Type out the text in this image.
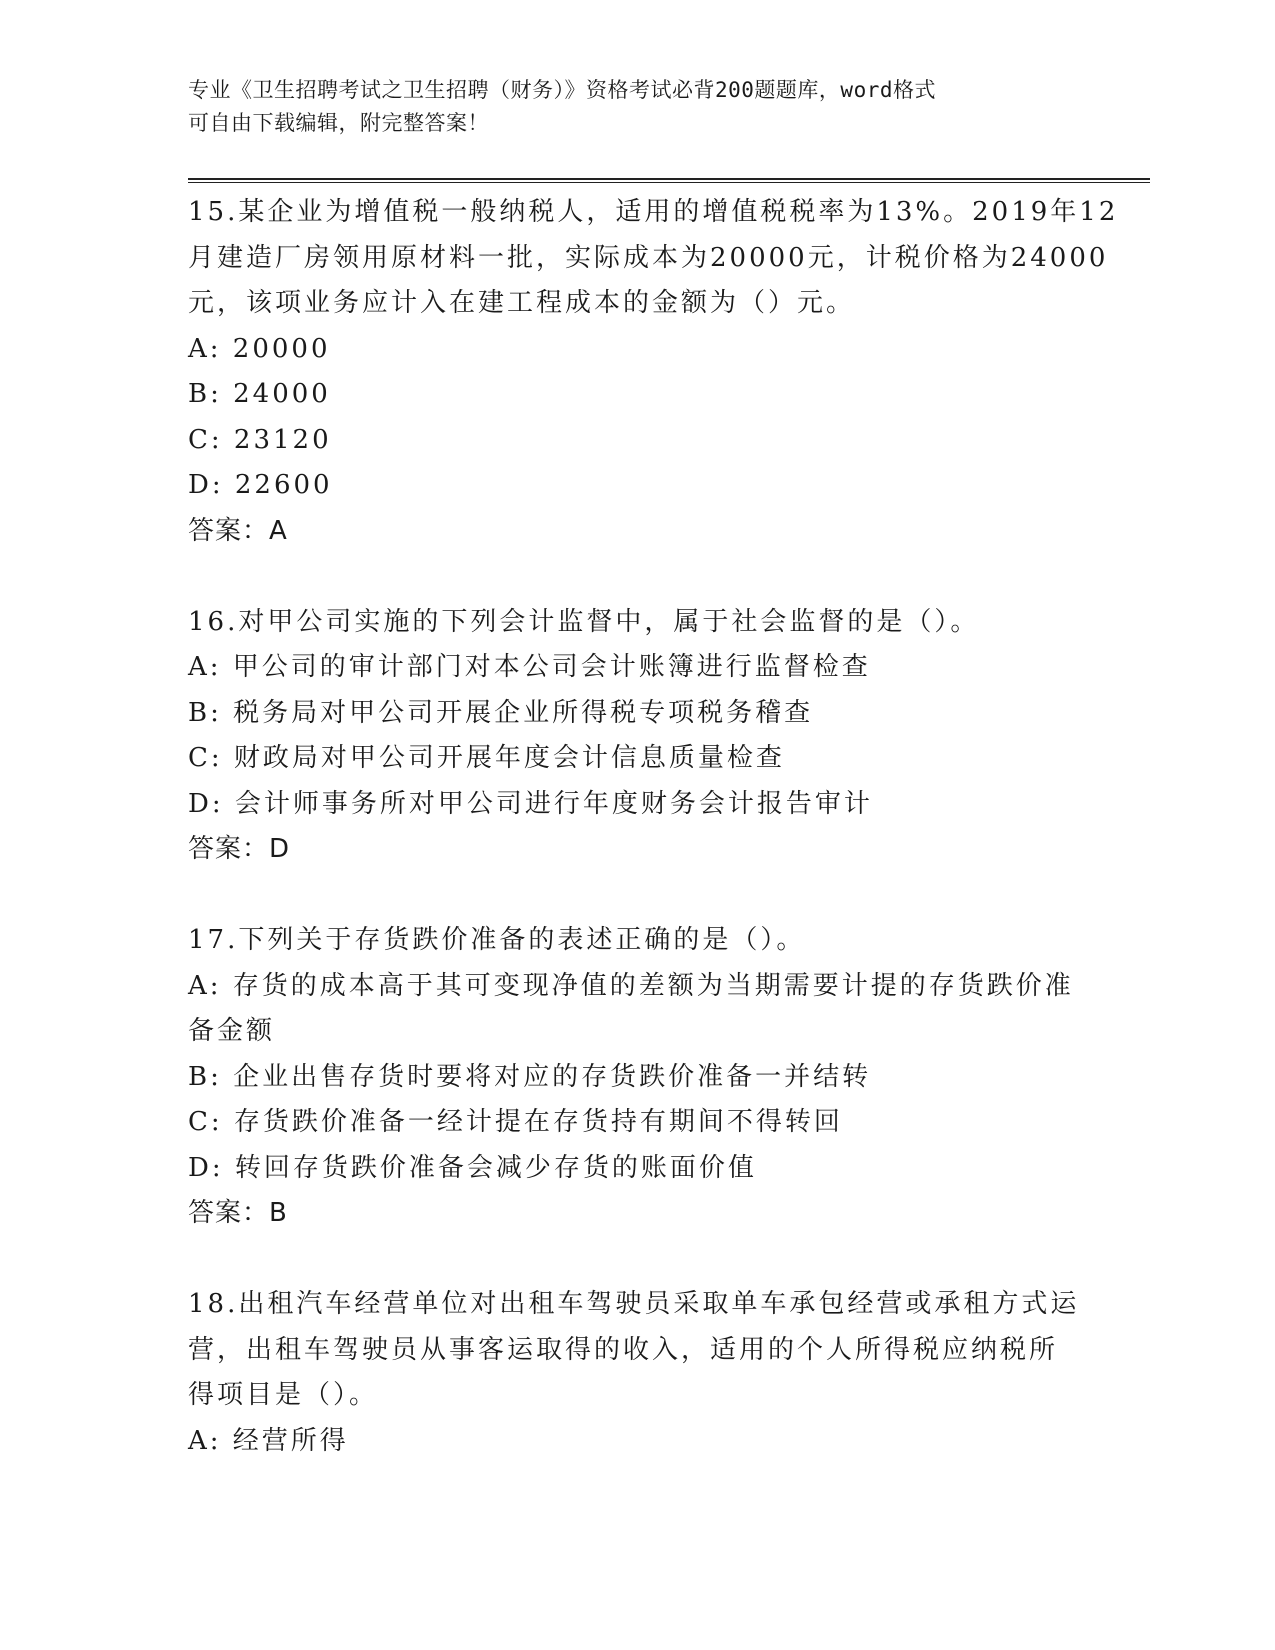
专业《卫生招聘考试之卫生招聘（财务）》资格考试必背200题题库，word格式
可自由下载编辑，附完整答案！
15.某企业为增值税一般纳税人，适用的增值税税率为13%。2019年12
月建造厂房领用原材料一批，实际成本为20000元，计税价格为24000
元，该项业务应计入在建工程成本的金额为（）元。
A: 20000
B: 24000
C: 23120
D: 22600
答案：A
16.对甲公司实施的下列会计监督中，属于社会监督的是（）。
A: 甲公司的审计部门对本公司会计账簿进行监督检查
B: 税务局对甲公司开展企业所得税专项税务稽查
C: 财政局对甲公司开展年度会计信息质量检查
D: 会计师事务所对甲公司进行年度财务会计报告审计
答案：D
17.下列关于存货跌价准备的表述正确的是（）。
A: 存货的成本高于其可变现净值的差额为当期需要计提的存货跌价准
备金额
B: 企业出售存货时要将对应的存货跌价准备一并结转
C: 存货跌价准备一经计提在存货持有期间不得转回
D: 转回存货跌价准备会减少存货的账面价值
答案：B
18.出租汽车经营单位对出租车驾驶员采取单车承包经营或承租方式运
营，出租车驾驶员从事客运取得的收入，适用的个人所得税应纳税所
得项目是（）。
A: 经营所得
